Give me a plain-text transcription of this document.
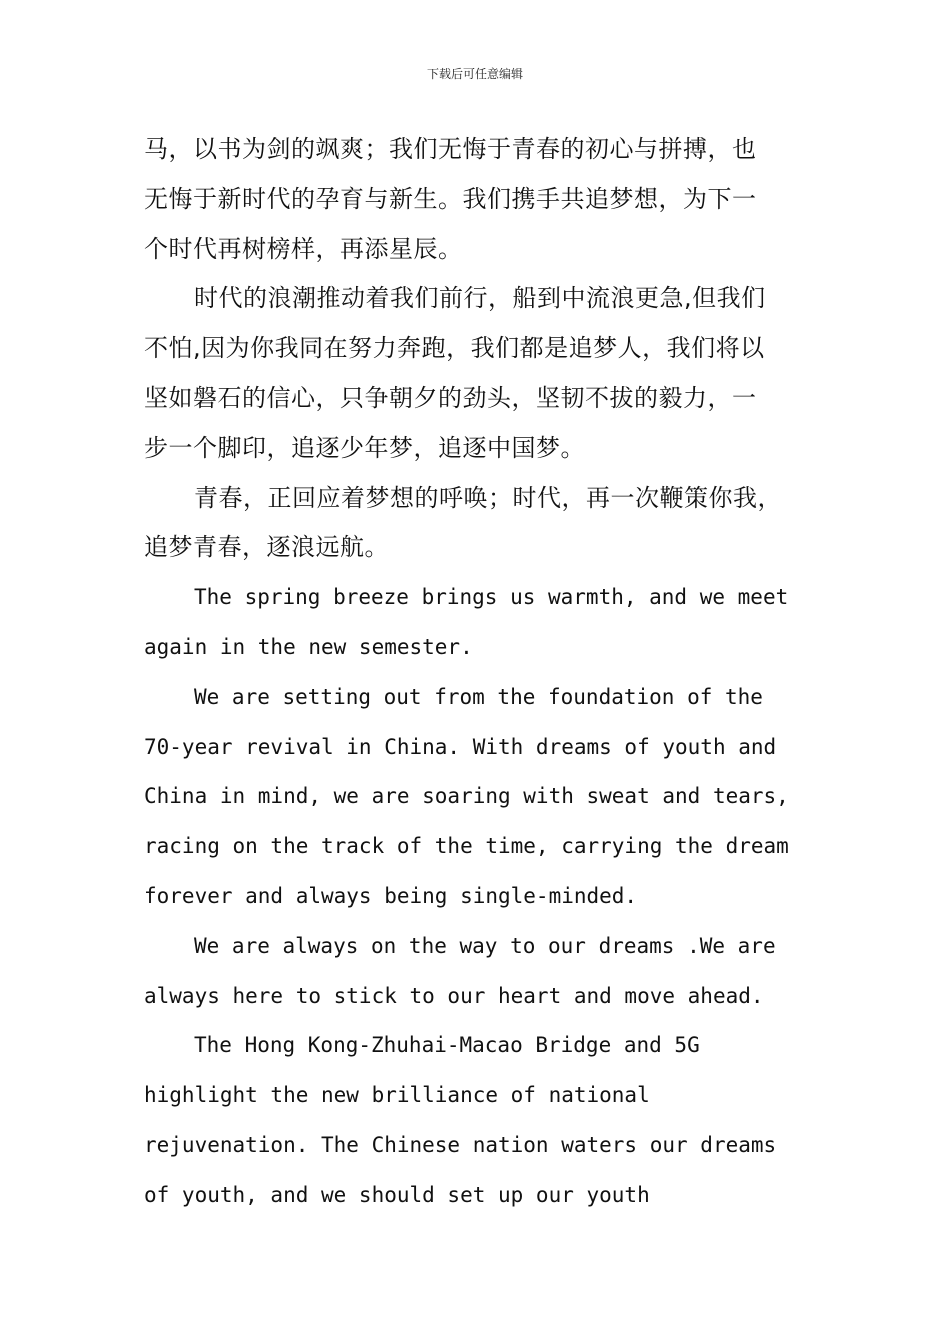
下载后可任意编辑
马，以书为剑的飒爽；我们无悔于青春的初心与拼搏，也
无悔于新时代的孕育与新生。我们携手共追梦想，为下一
个时代再树榜样，再添星辰。
时代的浪潮推动着我们前行，船到中流浪更急,但我们
不怕,因为你我同在努力奔跑，我们都是追梦人，我们将以
坚如磐石的信心，只争朝夕的劲头，坚韧不拔的毅力，一
步一个脚印，追逐少年梦，追逐中国梦。
青春，正回应着梦想的呼唤；时代，再一次鞭策你我，
追梦青春，逐浪远航。
The spring breeze brings us warmth, and we meet
again in the new semester.
We are setting out from the foundation of the
70-year revival in China. With dreams of youth and
China in mind, we are soaring with sweat and tears,
racing on the track of the time, carrying the dream
forever and always being single-minded.
We are always on the way to our dreams .We are
always here to stick to our heart and move ahead.
The Hong Kong-Zhuhai-Macao Bridge and 5G
highlight the new brilliance of national
rejuvenation. The Chinese nation waters our dreams
of youth, and we should set up our youth
